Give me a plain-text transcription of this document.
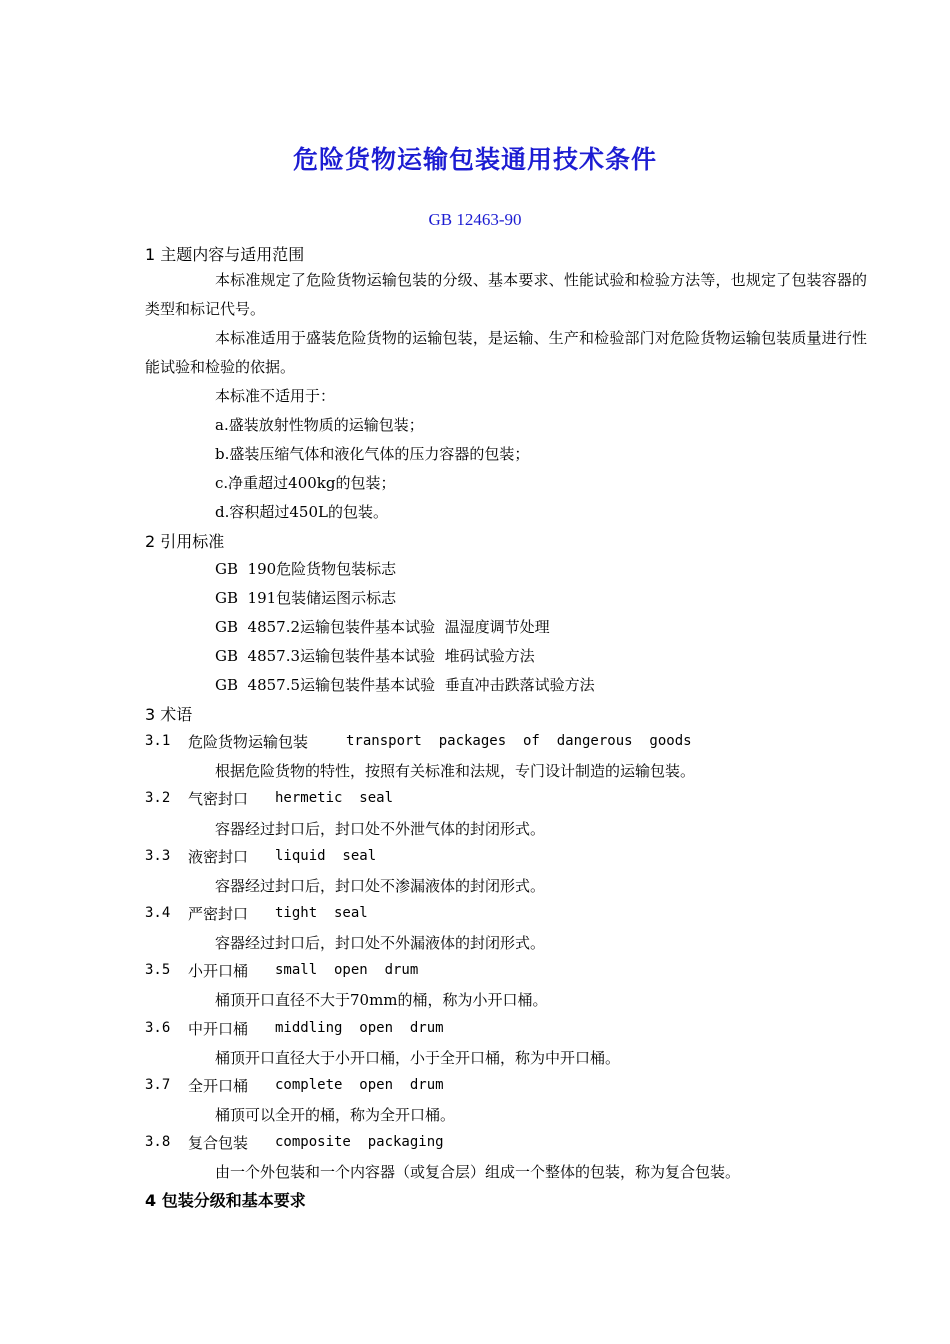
危险货物运输包装通用技术条件
GB 12463-90
1 主题内容与适用范围
本标准规定了危险货物运输包装的分级、基本要求、性能试验和检验方法等，也规定了包装容器的类型和标记代号。
本标准适用于盛装危险货物的运输包装，是运输、生产和检验部门对危险货物运输包装质量进行性能试验和检验的依据。
本标准不适用于：
a.盛装放射性物质的运输包装；
b.盛装压缩气体和液化气体的压力容器的包装；
c.净重超过400kg的包装；
d.容积超过450L的包装。
2 引用标准
GB  190危险货物包装标志
GB  191包装储运图示标志
GB  4857.2运输包装件基本试验  温湿度调节处理
GB  4857.3运输包装件基本试验  堆码试验方法
GB  4857.5运输包装件基本试验  垂直冲击跌落试验方法
3 术语
3.1 危险货物运输包装	transport  packages  of  dangerous  goods
根据危险货物的特性，按照有关标准和法规，专门设计制造的运输包装。
3.2 气密封口 hermetic  seal
容器经过封口后，封口处不外泄气体的封闭形式。
3.3 液密封口 liquid  seal
容器经过封口后，封口处不渗漏液体的封闭形式。
3.4 严密封口 tight  seal
容器经过封口后，封口处不外漏液体的封闭形式。
3.5 小开口桶 small  open  drum
桶顶开口直径不大于70mm的桶，称为小开口桶。
3.6 中开口桶 middling  open  drum
桶顶开口直径大于小开口桶，小于全开口桶，称为中开口桶。
3.7 全开口桶 complete  open  drum
桶顶可以全开的桶，称为全开口桶。
3.8 复合包装 composite  packaging
由一个外包装和一个内容器（或复合层）组成一个整体的包装，称为复合包装。
4 包装分级和基本要求
